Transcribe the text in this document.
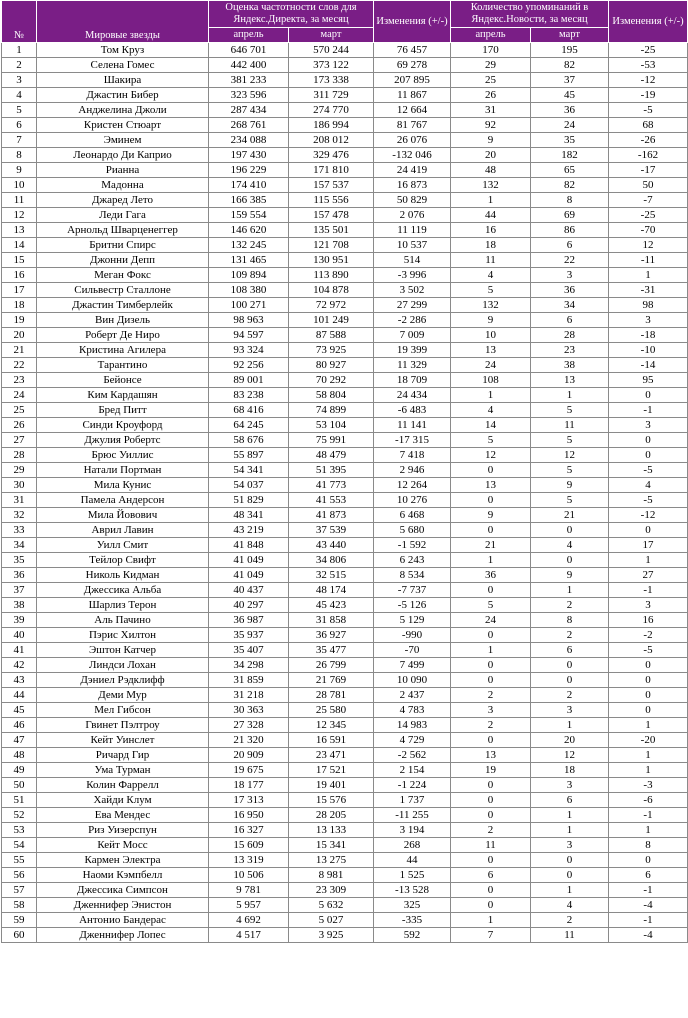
№	Мировые звезды	Оценка частотности слов для Яндекс.Директа, за месяц		Изменения (+/-)	Количество упоминаний в Яндекс.Новости, за месяц		Изменения (+/-)
		апрель	март		апрель	март	
1	Том Круз	646 701	570 244	76 457	170	195	-25
2	Селена Гомес	442 400	373 122	69 278	29	82	-53
3	Шакира	381 233	173 338	207 895	25	37	-12
4	Джастин Бибер	323 596	311 729	11 867	26	45	-19
5	Анджелина Джоли	287 434	274 770	12 664	31	36	-5
6	Кристен Стюарт	268 761	186 994	81 767	92	24	68
7	Эминем	234 088	208 012	26 076	9	35	-26
8	Леонардо Ди Каприо	197 430	329 476	-132 046	20	182	-162
9	Рианна	196 229	171 810	24 419	48	65	-17
10	Мадонна	174 410	157 537	16 873	132	82	50
11	Джаред Лето	166 385	115 556	50 829	1	8	-7
12	Леди Гага	159 554	157 478	2 076	44	69	-25
13	Арнольд Шварценеггер	146 620	135 501	11 119	16	86	-70
14	Бритни Спирс	132 245	121 708	10 537	18	6	12
15	Джонни Депп	131 465	130 951	514	11	22	-11
16	Меган Фокс	109 894	113 890	-3 996	4	3	1
17	Сильвестр Сталлоне	108 380	104 878	3 502	5	36	-31
18	Джастин Тимберлейк	100 271	72 972	27 299	132	34	98
19	Вин Дизель	98 963	101 249	-2 286	9	6	3
20	Роберт Де Ниро	94 597	87 588	7 009	10	28	-18
21	Кристина Агилера	93 324	73 925	19 399	13	23	-10
22	Тарантино	92 256	80 927	11 329	24	38	-14
23	Бейонсе	89 001	70 292	18 709	108	13	95
24	Ким Кардашян	83 238	58 804	24 434	1	1	0
25	Бред Питт	68 416	74 899	-6 483	4	5	-1
26	Синди Кроуфорд	64 245	53 104	11 141	14	11	3
27	Джулия Робертс	58 676	75 991	-17 315	5	5	0
28	Брюс Уиллис	55 897	48 479	7 418	12	12	0
29	Натали Портман	54 341	51 395	2 946	0	5	-5
30	Мила Кунис	54 037	41 773	12 264	13	9	4
31	Памела Андерсон	51 829	41 553	10 276	0	5	-5
32	Мила Йовович	48 341	41 873	6 468	9	21	-12
33	Аврил Лавин	43 219	37 539	5 680	0	0	0
34	Уилл Смит	41 848	43 440	-1 592	21	4	17
35	Тейлор Свифт	41 049	34 806	6 243	1	0	1
36	Николь Кидман	41 049	32 515	8 534	36	9	27
37	Джессика Альба	40 437	48 174	-7 737	0	1	-1
38	Шарлиз Терон	40 297	45 423	-5 126	5	2	3
39	Аль Пачино	36 987	31 858	5 129	24	8	16
40	Пэрис Хилтон	35 937	36 927	-990	0	2	-2
41	Эштон Катчер	35 407	35 477	-70	1	6	-5
42	Линдси Лохан	34 298	26 799	7 499	0	0	0
43	Дэниел Рэдклифф	31 859	21 769	10 090	0	0	0
44	Деми Мур	31 218	28 781	2 437	2	2	0
45	Мел Гибсон	30 363	25 580	4 783	3	3	0
46	Гвинет Пэлтроу	27 328	12 345	14 983	2	1	1
47	Кейт Уинслет	21 320	16 591	4 729	0	20	-20
48	Ричард Гир	20 909	23 471	-2 562	13	12	1
49	Ума Турман	19 675	17 521	2 154	19	18	1
50	Колин Фаррелл	18 177	19 401	-1 224	0	3	-3
51	Хайди Клум	17 313	15 576	1 737	0	6	-6
52	Ева Мендес	16 950	28 205	-11 255	0	1	-1
53	Риз Уизерспун	16 327	13 133	3 194	2	1	1
54	Кейт Мосс	15 609	15 341	268	11	3	8
55	Кармен Электра	13 319	13 275	44	0	0	0
56	Наоми Кэмпбелл	10 506	8 981	1 525	6	0	6
57	Джессика Симпсон	9 781	23 309	-13 528	0	1	-1
58	Дженнифер Энистон	5 957	5 632	325	0	4	-4
59	Антонио Бандерас	4 692	5 027	-335	1	2	-1
60	Дженнифер Лопес	4 517	3 925	592	7	11	-4
